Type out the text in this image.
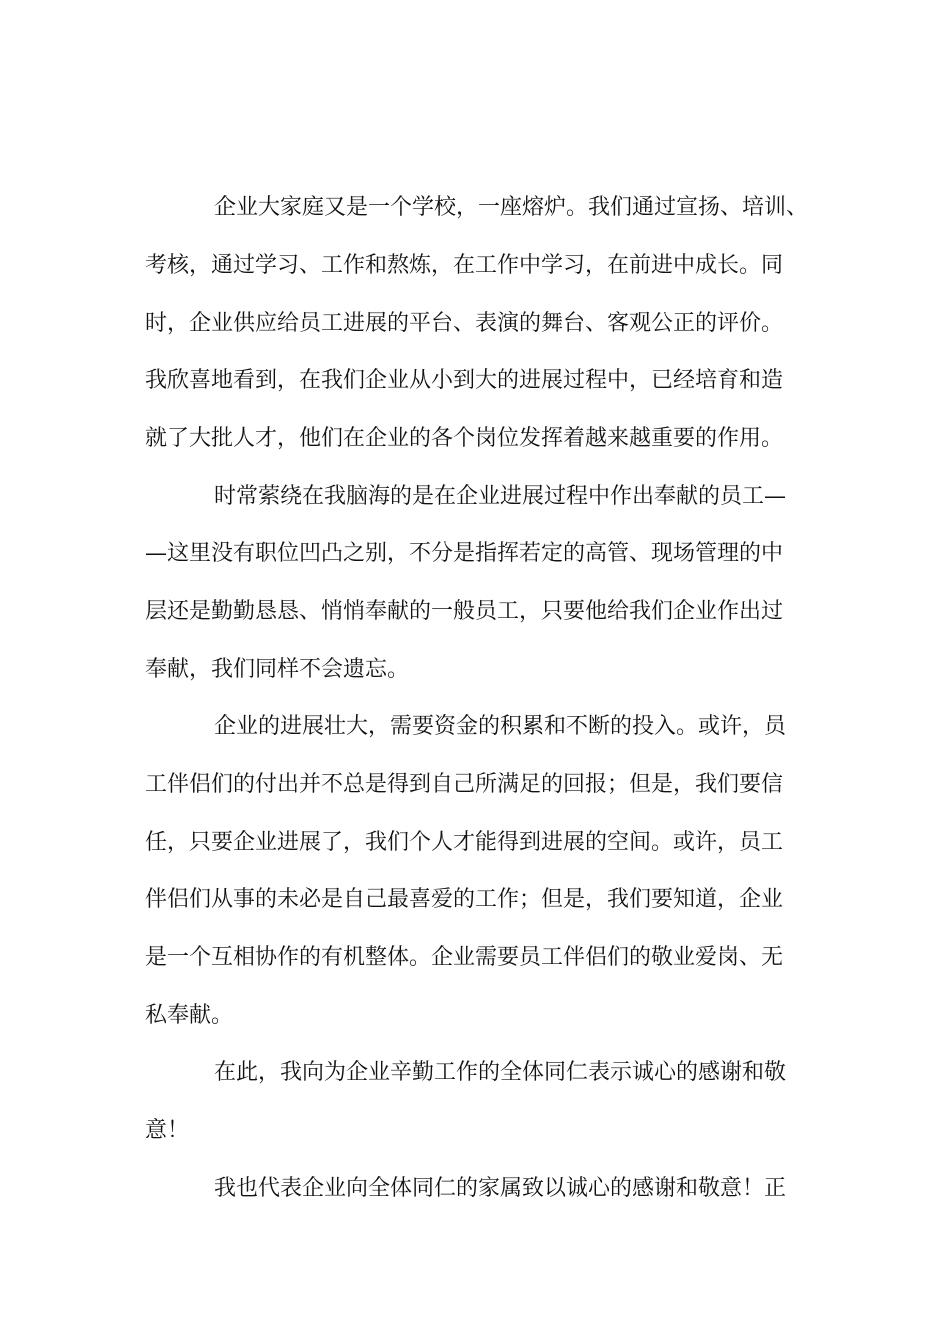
企业大家庭又是一个学校，一座熔炉。我们通过宣扬、培训、

考核，通过学习、工作和熬炼，在工作中学习，在前进中成长。同

时，企业供应给员工进展的平台、表演的舞台、客观公正的评价。

我欣喜地看到，在我们企业从小到大的进展过程中，已经培育和造

就了大批人才，他们在企业的各个岗位发挥着越来越重要的作用。

时常萦绕在我脑海的是在企业进展过程中作出奉献的员工—

—这里没有职位凹凸之别，不分是指挥若定的高管、现场管理的中

层还是勤勤恳恳、悄悄奉献的一般员工，只要他给我们企业作出过

奉献，我们同样不会遗忘。

企业的进展壮大，需要资金的积累和不断的投入。或许，员

工伴侣们的付出并不总是得到自己所满足的回报；但是，我们要信

任，只要企业进展了，我们个人才能得到进展的空间。或许，员工

伴侣们从事的未必是自己最喜爱的工作；但是，我们要知道，企业

是一个互相协作的有机整体。企业需要员工伴侣们的敬业爱岗、无

私奉献。

在此，我向为企业辛勤工作的全体同仁表示诚心的感谢和敬

意！

我也代表企业向全体同仁的家属致以诚心的感谢和敬意！正
